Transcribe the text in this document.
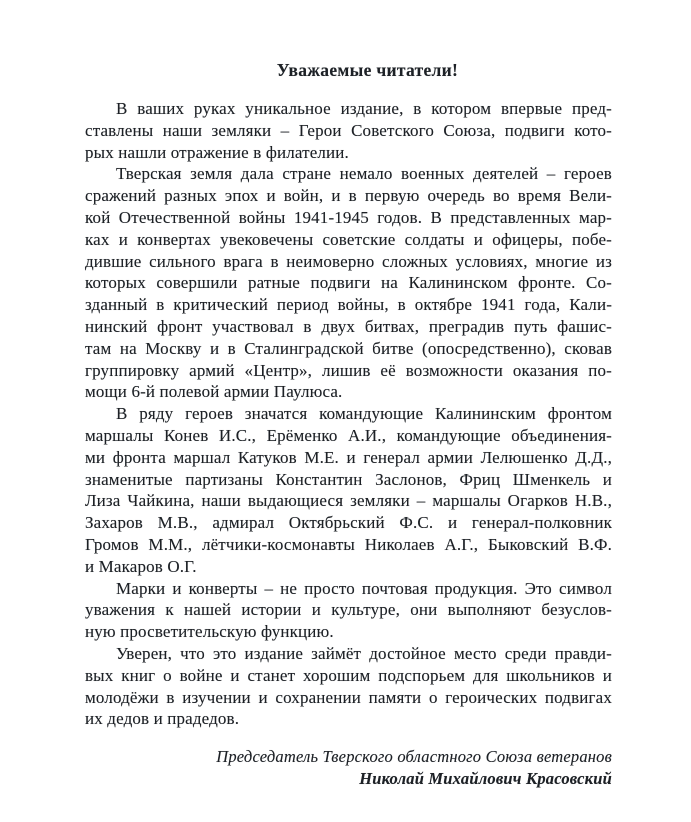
Уважаемые читатели!
В ваших руках уникальное издание, в котором впервые пред-
ставлены наши земляки – Герои Советского Союза, подвиги кото-
рых нашли отражение в филателии.
Тверская земля дала стране немало военных деятелей – героев
сражений разных эпох и войн, и в первую очередь во время Вели-
кой Отечественной войны 1941-1945 годов. В представленных мар-
ках и конвертах увековечены советские солдаты и офицеры, побе-
дившие сильного врага в неимоверно сложных условиях, многие из
которых совершили ратные подвиги на Калининском фронте. Со-
зданный в критический период войны, в октябре 1941 года, Кали-
нинский фронт участвовал в двух битвах, преградив путь фашис-
там на Москву и в Сталинградской битве (опосредственно), сковав
группировку армий «Центр», лишив её возможности оказания по-
мощи 6-й полевой армии Паулюса.
В ряду героев значатся командующие Калининским фронтом
маршалы Конев И.С., Ерёменко А.И., командующие объединения-
ми фронта маршал Катуков М.Е. и генерал армии Лелюшенко Д.Д.,
знаменитые партизаны Константин Заслонов, Фриц Шменкель и
Лиза Чайкина, наши выдающиеся земляки – маршалы Огарков Н.В.,
Захаров М.В., адмирал Октябрьский Ф.С. и генерал-полковник
Громов М.М., лётчики-космонавты Николаев А.Г., Быковский В.Ф.
и Макаров О.Г.
Марки и конверты – не просто почтовая продукция. Это символ
уважения к нашей истории и культуре, они выполняют безуслов-
ную просветительскую функцию.
Уверен, что это издание займёт достойное место среди правди-
вых книг о войне и станет хорошим подспорьем для школьников и
молодёжи в изучении и сохранении памяти о героических подвигах
их дедов и прадедов.
Председатель Тверского областного Союза ветеранов
Николай Михайлович Красовский
